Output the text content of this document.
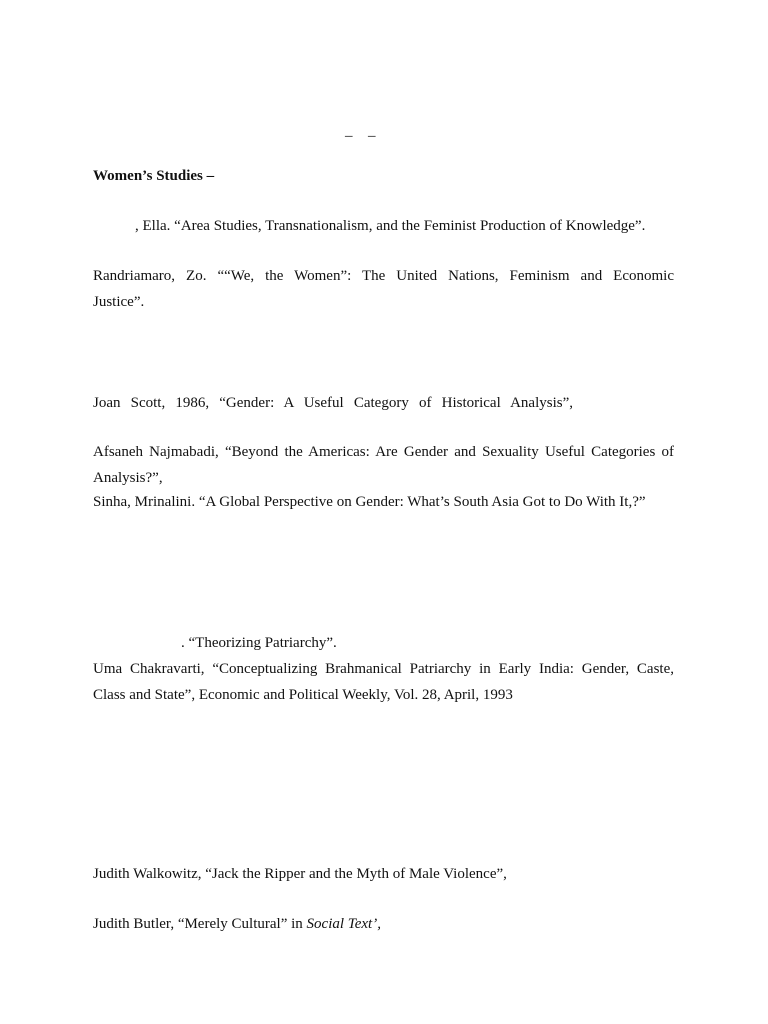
– –
Women’s Studies –
, Ella. “Area Studies, Transnationalism, and the Feminist Production of Knowledge”.
Randriamaro, Zo. ““We, the Women”: The United Nations, Feminism and Economic
Justice”.
Joan Scott, 1986, “Gender: A Useful Category of Historical Analysis”,
Afsaneh Najmabadi, “Beyond the Americas: Are Gender and Sexuality Useful Categories of
Analysis?”,
Sinha, Mrinalini. “A Global Perspective on Gender: What’s South Asia Got to Do With It,?”
. “Theorizing Patriarchy”.
Uma Chakravarti, “Conceptualizing Brahmanical Patriarchy in Early India: Gender, Caste,
Class and State”, Economic and Political Weekly, Vol. 28, April, 1993
Judith Walkowitz, “Jack the Ripper and the Myth of Male Violence”,
Judith Butler, “Merely Cultural” in Social Text’,
